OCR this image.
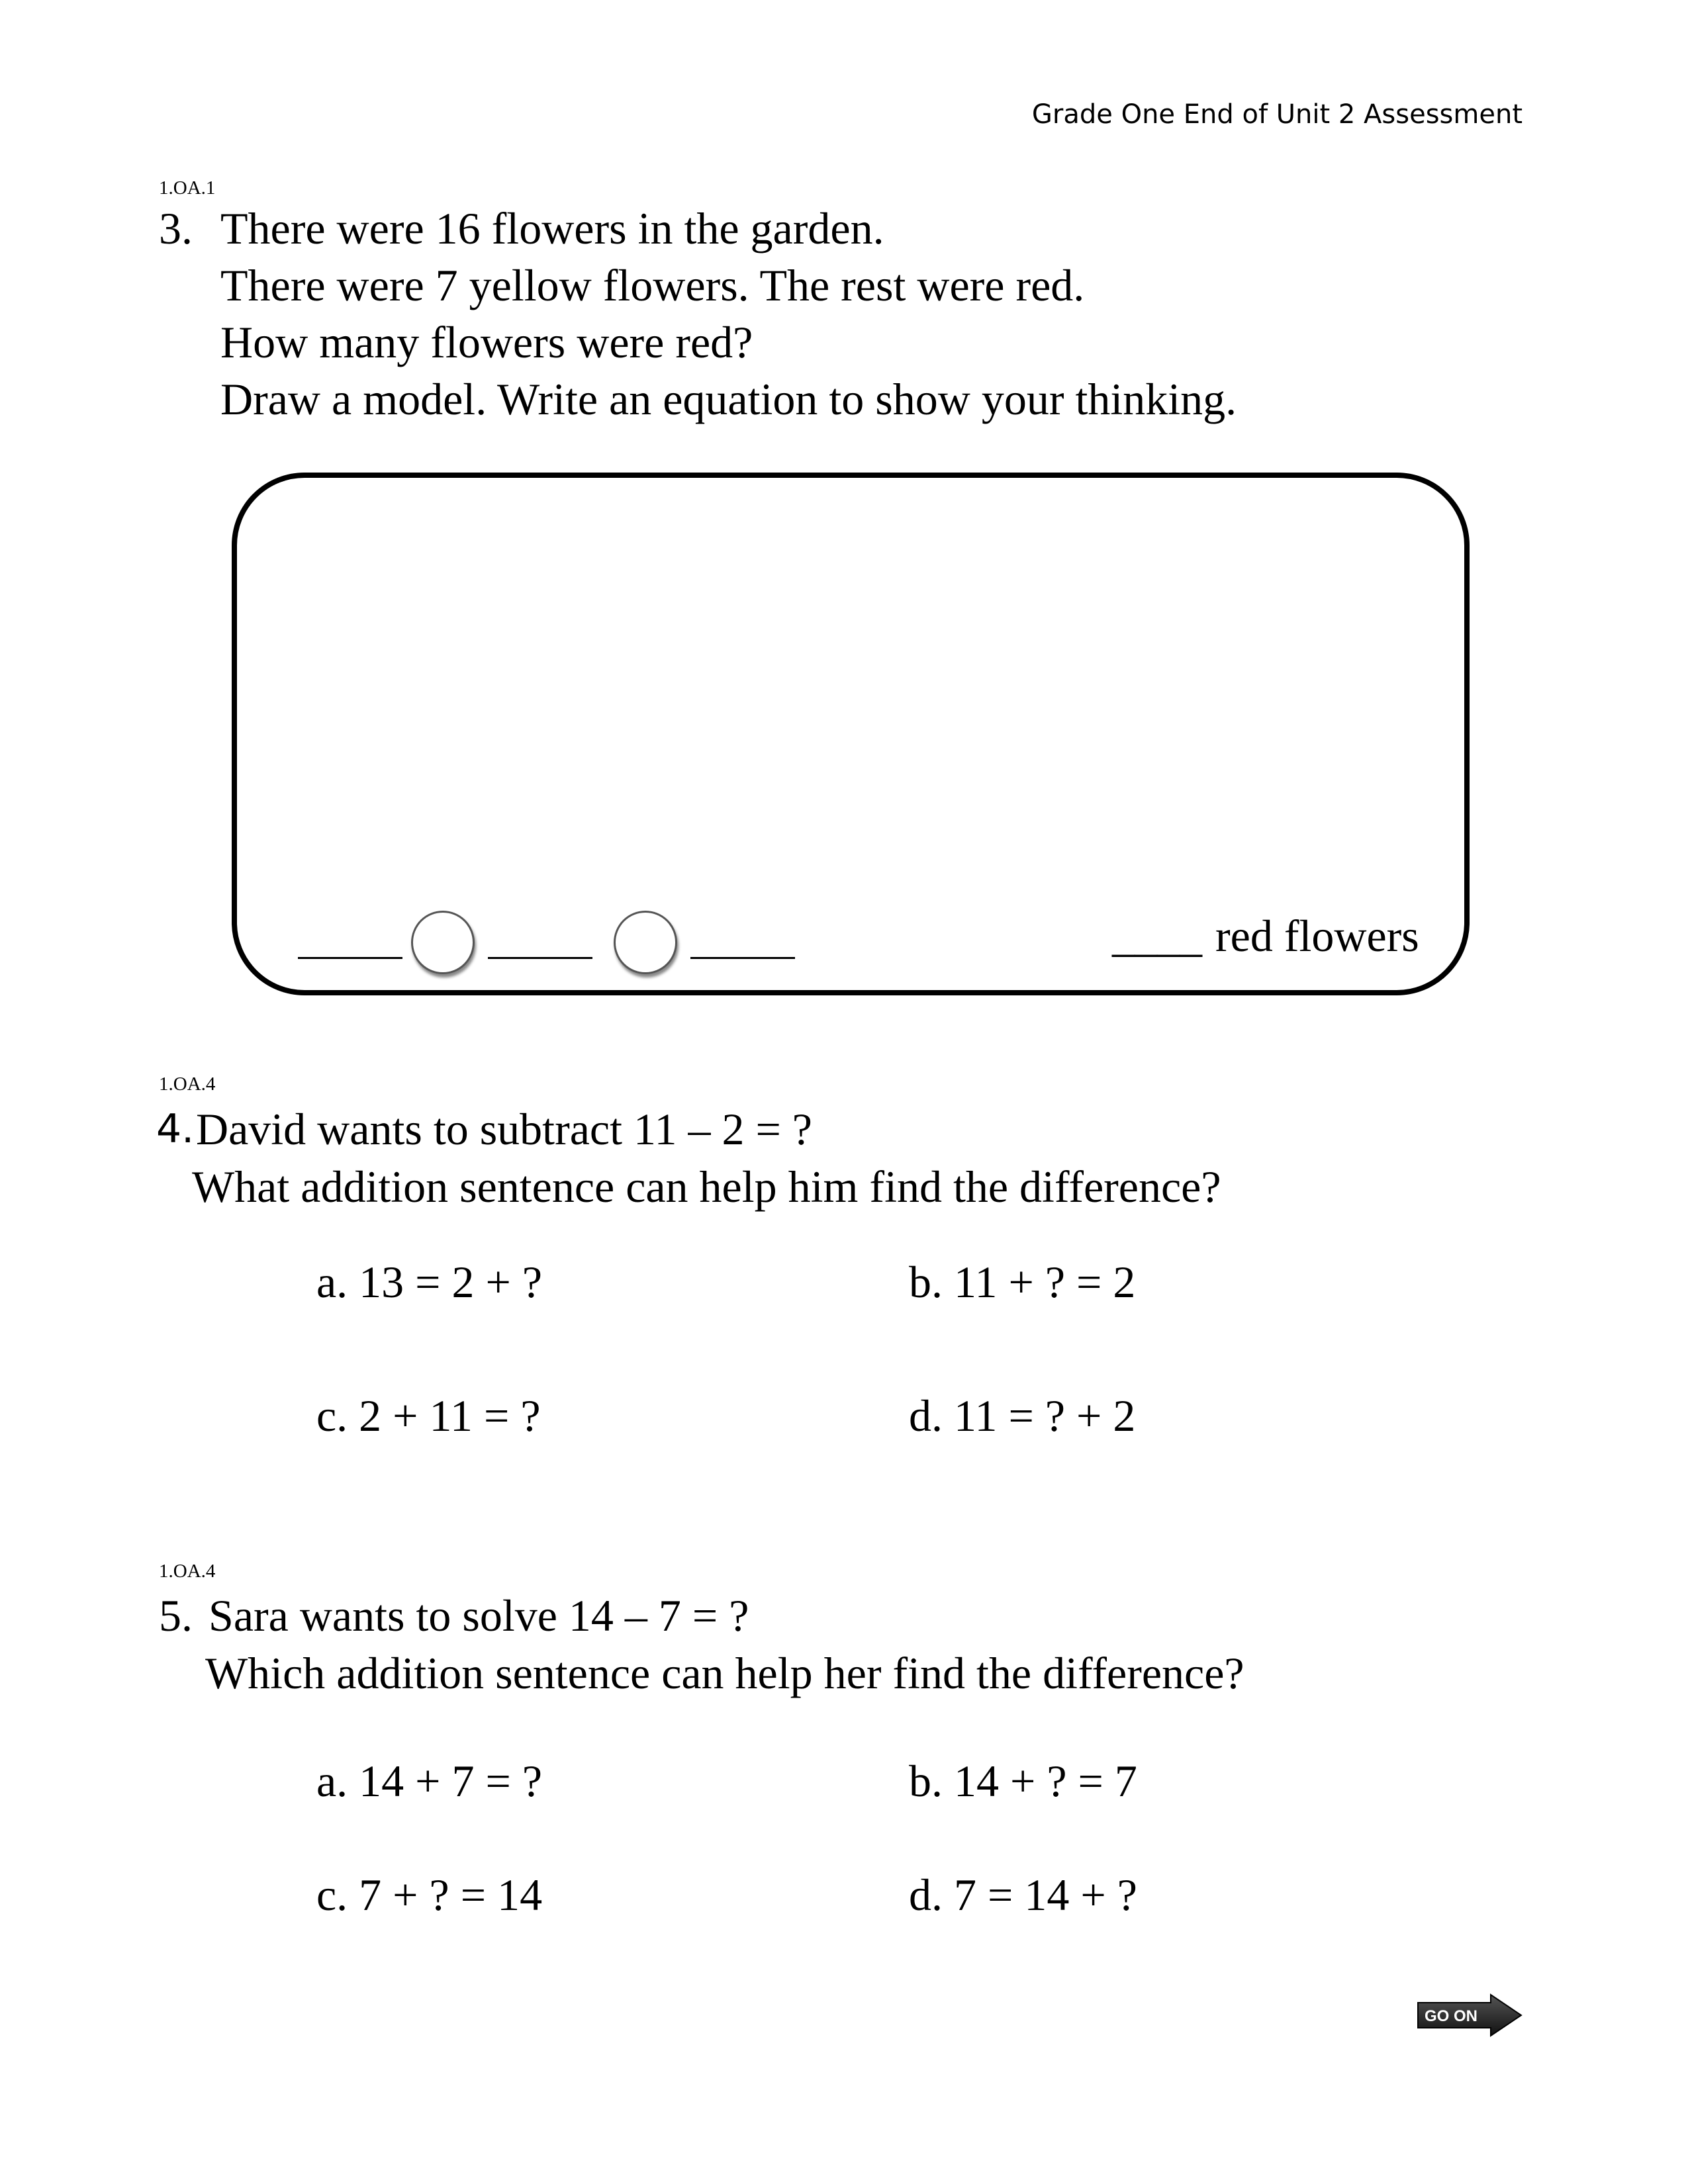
Grade One End of Unit 2 Assessment
1.OA.1
3. There were 16 flowers in the garden.
There were 7 yellow flowers. The rest were red.
How many flowers were red?
Draw a model. Write an equation to show your thinking.
____ red flowers
1.OA.4
4. David wants to subtract 11 – 2 = ?
What addition sentence can help him find the difference?
a. 13 = 2 + ?	b. 11 + ? = 2
c. 2 + 11 = ?	d. 11 = ? + 2
1.OA.4
5. Sara wants to solve 14 – 7 = ?
Which addition sentence can help her find the difference?
a. 14 + 7 = ?	b. 14 + ? = 7
c. 7 + ? = 14	d. 7 = 14 + ?
GO ON
